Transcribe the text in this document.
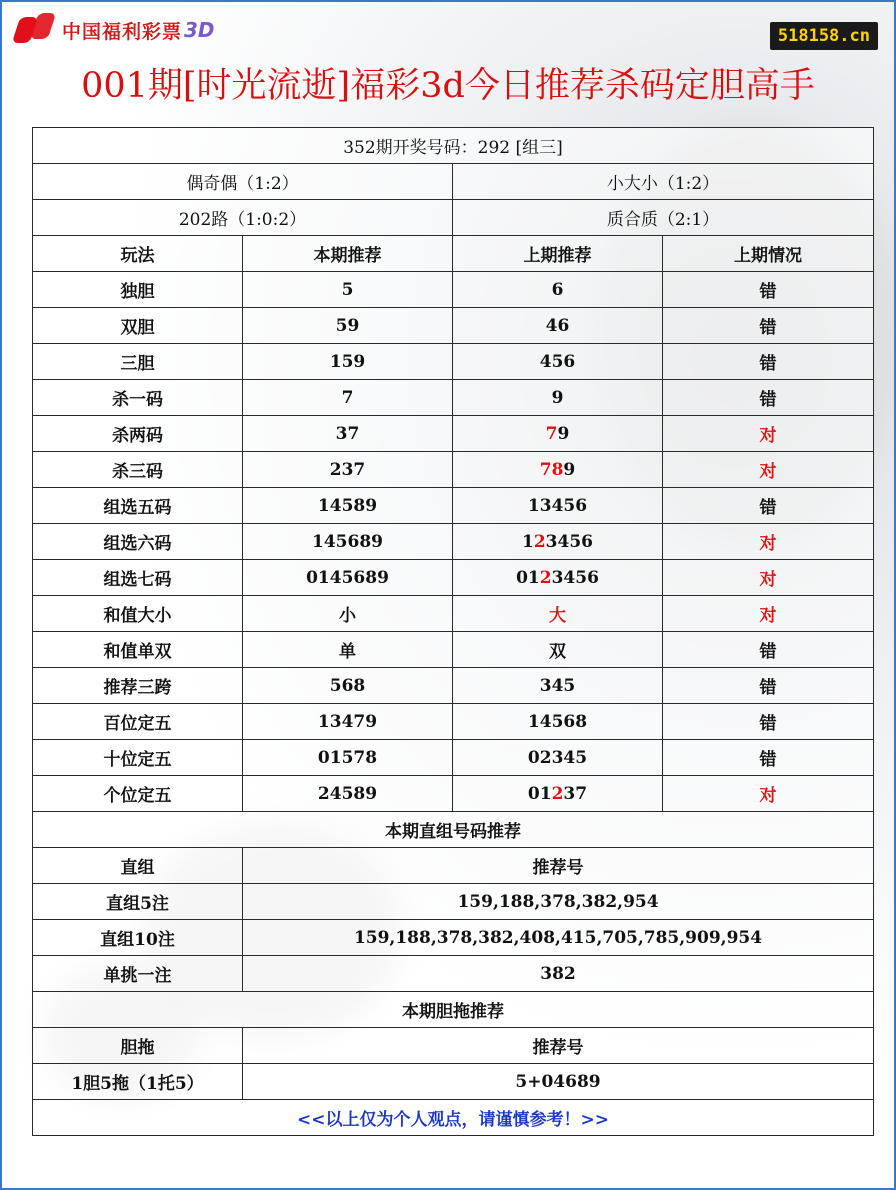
中国福利彩票 3D	518158.cn
001期[时光流逝]福彩3d今日推荐杀码定胆高手
352期开奖号码：292 [组三]			
偶奇偶（1:2）		小大小（1:2）	
202路（1:0:2）		质合质（2:1）	
玩法	本期推荐	上期推荐	上期情况
独胆	5	6	错
双胆	59	46	错
三胆	159	456	错
杀一码	7	9	错
杀两码	37	79	对
杀三码	237	789	对
组选五码	14589	13456	错
组选六码	145689	123456	对
组选七码	0145689	0123456	对
和值大小	小	大	对
和值单双	单	双	错
推荐三跨	568	345	错
百位定五	13479	14568	错
十位定五	01578	02345	错
个位定五	24589	01237	对
本期直组号码推荐			
直组	推荐号		
直组5注	159,188,378,382,954		
直组10注	159,188,378,382,408,415,705,785,909,954		
单挑一注	382		
本期胆拖推荐			
胆拖	推荐号		
1胆5拖（1托5）	5+04689		
<<以上仅为个人观点，请谨慎参考！>>			
